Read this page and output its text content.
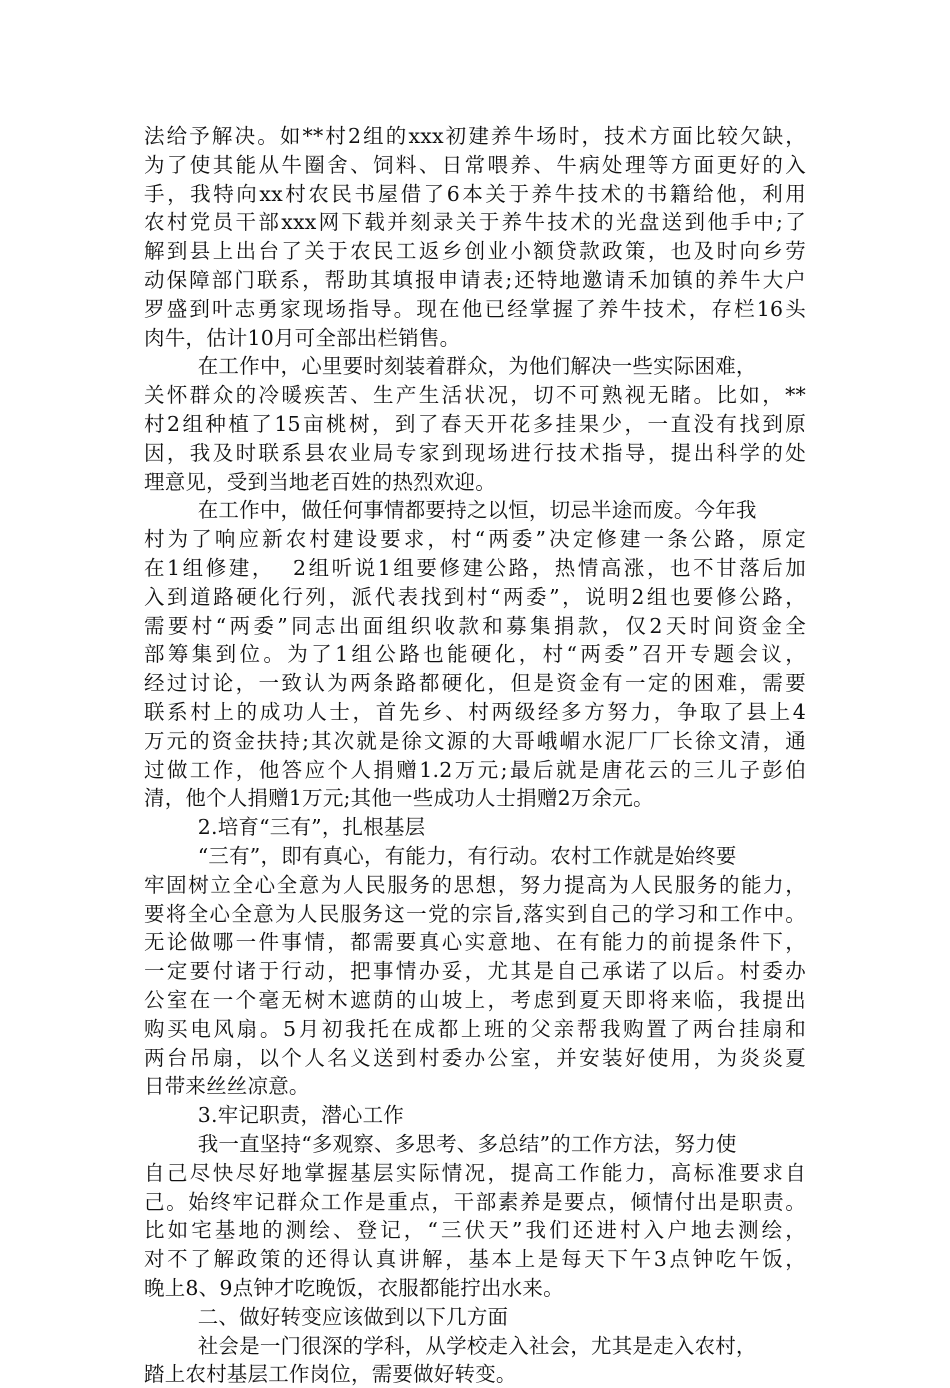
法给予解决。如**村2组的xxx初建养牛场时，技术方面比较欠缺，
为了使其能从牛圈舍、饲料、日常喂养、牛病处理等方面更好的入
手，我特向xx村农民书屋借了6本关于养牛技术的书籍给他，利用
农村党员干部xxx网下载并刻录关于养牛技术的光盘送到他手中;了
解到县上出台了关于农民工返乡创业小额贷款政策，也及时向乡劳
动保障部门联系，帮助其填报申请表;还特地邀请禾加镇的养牛大户
罗盛到叶志勇家现场指导。现在他已经掌握了养牛技术，存栏16头
肉牛，估计10月可全部出栏销售。
在工作中，心里要时刻装着群众，为他们解决一些实际困难，
关怀群众的冷暖疾苦、生产生活状况，切不可熟视无睹。比如，**
村2组种植了15亩桃树，到了春天开花多挂果少，一直没有找到原
因，我及时联系县农业局专家到现场进行技术指导，提出科学的处
理意见，受到当地老百姓的热烈欢迎。
在工作中，做任何事情都要持之以恒，切忌半途而废。今年我
村为了响应新农村建设要求，村“两委”决定修建一条公路，原定
在1组修建，  2组听说1组要修建公路，热情高涨，也不甘落后加
入到道路硬化行列，派代表找到村“两委”，说明2组也要修公路，
需要村“两委”同志出面组织收款和募集捐款，仅2天时间资金全
部筹集到位。为了1组公路也能硬化，村“两委”召开专题会议，
经过讨论，一致认为两条路都硬化，但是资金有一定的困难，需要
联系村上的成功人士，首先乡、村两级经多方努力，争取了县上4
万元的资金扶持;其次就是徐文源的大哥峨嵋水泥厂厂长徐文清，通
过做工作，他答应个人捐赠1.2万元;最后就是唐花云的三儿子彭伯
清，他个人捐赠1万元;其他一些成功人士捐赠2万余元。
2.培育“三有”，扎根基层
“三有”，即有真心，有能力，有行动。农村工作就是始终要
牢固树立全心全意为人民服务的思想，努力提高为人民服务的能力，
要将全心全意为人民服务这一党的宗旨,落实到自己的学习和工作中。
无论做哪一件事情，都需要真心实意地、在有能力的前提条件下，
一定要付诸于行动，把事情办妥，尤其是自己承诺了以后。村委办
公室在一个毫无树木遮荫的山坡上，考虑到夏天即将来临，我提出
购买电风扇。5月初我托在成都上班的父亲帮我购置了两台挂扇和
两台吊扇，以个人名义送到村委办公室，并安装好使用，为炎炎夏
日带来丝丝凉意。
3.牢记职责，潜心工作
我一直坚持“多观察、多思考、多总结”的工作方法，努力使
自己尽快尽好地掌握基层实际情况，提高工作能力，高标准要求自
己。始终牢记群众工作是重点，干部素养是要点，倾情付出是职责。
比如宅基地的测绘、登记，“三伏天”我们还进村入户地去测绘，
对不了解政策的还得认真讲解，基本上是每天下午3点钟吃午饭，
晚上8、9点钟才吃晚饭，衣服都能拧出水来。
二、做好转变应该做到以下几方面
社会是一门很深的学科，从学校走入社会，尤其是走入农村，
踏上农村基层工作岗位，需要做好转变。
